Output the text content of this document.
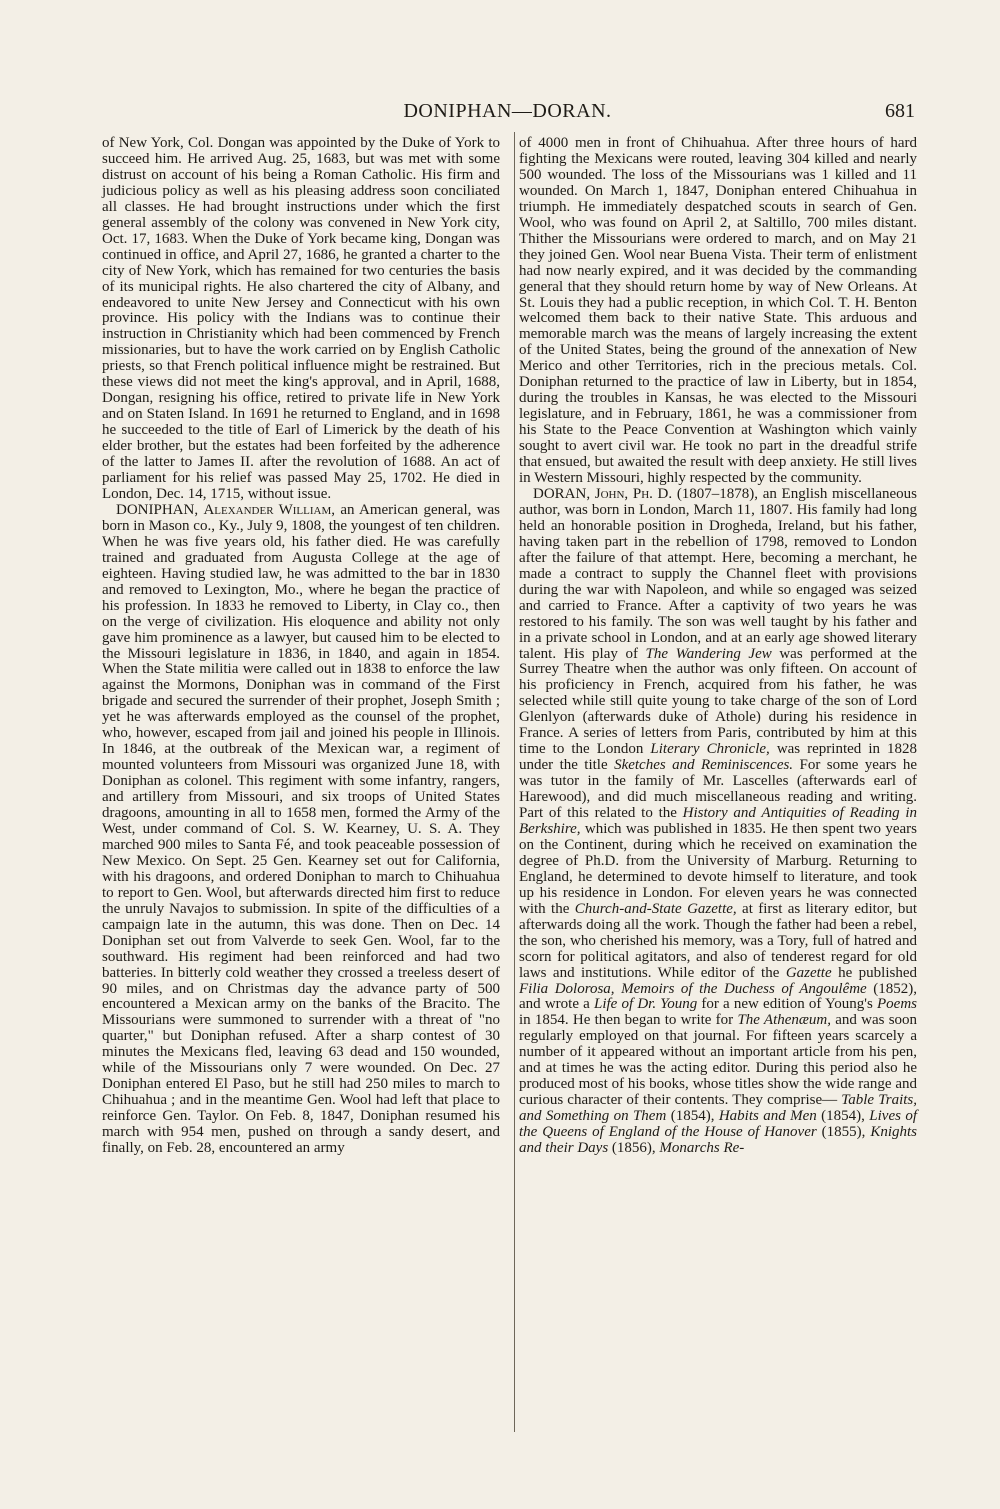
DONIPHAN—DORAN.	681

of New York, Col. Dongan was appointed by the Duke of York to succeed him. He arrived Aug. 25, 1683, but was met with some distrust on account of his being a Roman Catholic. His firm and judicious policy as well as his pleasing address soon conciliated all classes. He had brought instructions under which the first general assembly of the colony was convened in New York city, Oct. 17, 1683. When the Duke of York became king, Dongan was continued in office, and April 27, 1686, he granted a charter to the city of New York, which has remained for two centuries the basis of its municipal rights. He also chartered the city of Albany, and endeavored to unite New Jersey and Connecticut with his own province. His policy with the Indians was to continue their instruction in Christianity which had been commenced by French missionaries, but to have the work carried on by English Catholic priests, so that French political influence might be restrained. But these views did not meet the king's approval, and in April, 1688, Dongan, resigning his office, retired to private life in New York and on Staten Island. In 1691 he returned to England, and in 1698 he succeeded to the title of Earl of Limerick by the death of his elder brother, but the estates had been forfeited by the adherence of the latter to James II. after the revolution of 1688. An act of parliament for his relief was passed May 25, 1702. He died in London, Dec. 14, 1715, without issue.

DONIPHAN, Alexander William, an American general, was born in Mason co., Ky., July 9, 1808, the youngest of ten children. When he was five years old, his father died. He was carefully trained and graduated from Augusta College at the age of eighteen. Having studied law, he was admitted to the bar in 1830 and removed to Lexington, Mo., where he began the practice of his profession. In 1833 he removed to Liberty, in Clay co., then on the verge of civilization. His eloquence and ability not only gave him prominence as a lawyer, but caused him to be elected to the Missouri legislature in 1836, in 1840, and again in 1854. When the State militia were called out in 1838 to enforce the law against the Mormons, Doniphan was in command of the First brigade and secured the surrender of their prophet, Joseph Smith ; yet he was afterwards employed as the counsel of the prophet, who, however, escaped from jail and joined his people in Illinois. In 1846, at the outbreak of the Mexican war, a regiment of mounted volunteers from Missouri was organized June 18, with Doniphan as colonel. This regiment with some infantry, rangers, and artillery from Missouri, and six troops of United States dragoons, amounting in all to 1658 men, formed the Army of the West, under command of Col. S. W. Kearney, U. S. A. They marched 900 miles to Santa Fé, and took peaceable possession of New Mexico. On Sept. 25 Gen. Kearney set out for California, with his dragoons, and ordered Doniphan to march to Chihuahua to report to Gen. Wool, but afterwards directed him first to reduce the unruly Navajos to submission. In spite of the difficulties of a campaign late in the autumn, this was done. Then on Dec. 14 Doniphan set out from Valverde to seek Gen. Wool, far to the southward. His regiment had been reinforced and had two batteries. In bitterly cold weather they crossed a treeless desert of 90 miles, and on Christmas day the advance party of 500 encountered a Mexican army on the banks of the Bracito. The Missourians were summoned to surrender with a threat of "no quarter," but Doniphan refused. After a sharp contest of 30 minutes the Mexicans fled, leaving 63 dead and 150 wounded, while of the Missourians only 7 were wounded. On Dec. 27 Doniphan entered El Paso, but he still had 250 miles to march to Chihuahua ; and in the meantime Gen. Wool had left that place to reinforce Gen. Taylor. On Feb. 8, 1847, Doniphan resumed his march with 954 men, pushed on through a sandy desert, and finally, on Feb. 28, encountered an army

of 4000 men in front of Chihuahua. After three hours of hard fighting the Mexicans were routed, leaving 304 killed and nearly 500 wounded. The loss of the Missourians was 1 killed and 11 wounded. On March 1, 1847, Doniphan entered Chihuahua in triumph. He immediately despatched scouts in search of Gen. Wool, who was found on April 2, at Saltillo, 700 miles distant. Thither the Missourians were ordered to march, and on May 21 they joined Gen. Wool near Buena Vista. Their term of enlistment had now nearly expired, and it was decided by the commanding general that they should return home by way of New Orleans. At St. Louis they had a public reception, in which Col. T. H. Benton welcomed them back to their native State. This arduous and memorable march was the means of largely increasing the extent of the United States, being the ground of the annexation of New Merico and other Territories, rich in the precious metals. Col. Doniphan returned to the practice of law in Liberty, but in 1854, during the troubles in Kansas, he was elected to the Missouri legislature, and in February, 1861, he was a commissioner from his State to the Peace Convention at Washington which vainly sought to avert civil war. He took no part in the dreadful strife that ensued, but awaited the result with deep anxiety. He still lives in Western Missouri, highly respected by the community.

DORAN, John, Ph. D. (1807–1878), an English miscellaneous author, was born in London, March 11, 1807. His family had long held an honorable position in Drogheda, Ireland, but his father, having taken part in the rebellion of 1798, removed to London after the failure of that attempt. Here, becoming a merchant, he made a contract to supply the Channel fleet with provisions during the war with Napoleon, and while so engaged was seized and carried to France. After a captivity of two years he was restored to his family. The son was well taught by his father and in a private school in London, and at an early age showed literary talent. His play of The Wandering Jew was performed at the Surrey Theatre when the author was only fifteen. On account of his proficiency in French, acquired from his father, he was selected while still quite young to take charge of the son of Lord Glenlyon (afterwards duke of Athole) during his residence in France. A series of letters from Paris, contributed by him at this time to the London Literary Chronicle, was reprinted in 1828 under the title Sketches and Reminiscences. For some years he was tutor in the family of Mr. Lascelles (afterwards earl of Harewood), and did much miscellaneous reading and writing. Part of this related to the History and Antiquities of Reading in Berkshire, which was published in 1835. He then spent two years on the Continent, during which he received on examination the degree of Ph.D. from the University of Marburg. Returning to England, he determined to devote himself to literature, and took up his residence in London. For eleven years he was connected with the Church-and-State Gazette, at first as literary editor, but afterwards doing all the work. Though the father had been a rebel, the son, who cherished his memory, was a Tory, full of hatred and scorn for political agitators, and also of tenderest regard for old laws and institutions. While editor of the Gazette he published Filia Dolorosa, Memoirs of the Duchess of Angoulême (1852), and wrote a Life of Dr. Young for a new edition of Young's Poems in 1854. He then began to write for The Athenæum, and was soon regularly employed on that journal. For fifteen years scarcely a number of it appeared without an important article from his pen, and at times he was the acting editor. During this period also he produced most of his books, whose titles show the wide range and curious character of their contents. They comprise— Table Traits, and Something on Them (1854), Habits and Men (1854), Lives of the Queens of England of the House of Hanover (1855), Knights and their Days (1856), Monarchs Re-
